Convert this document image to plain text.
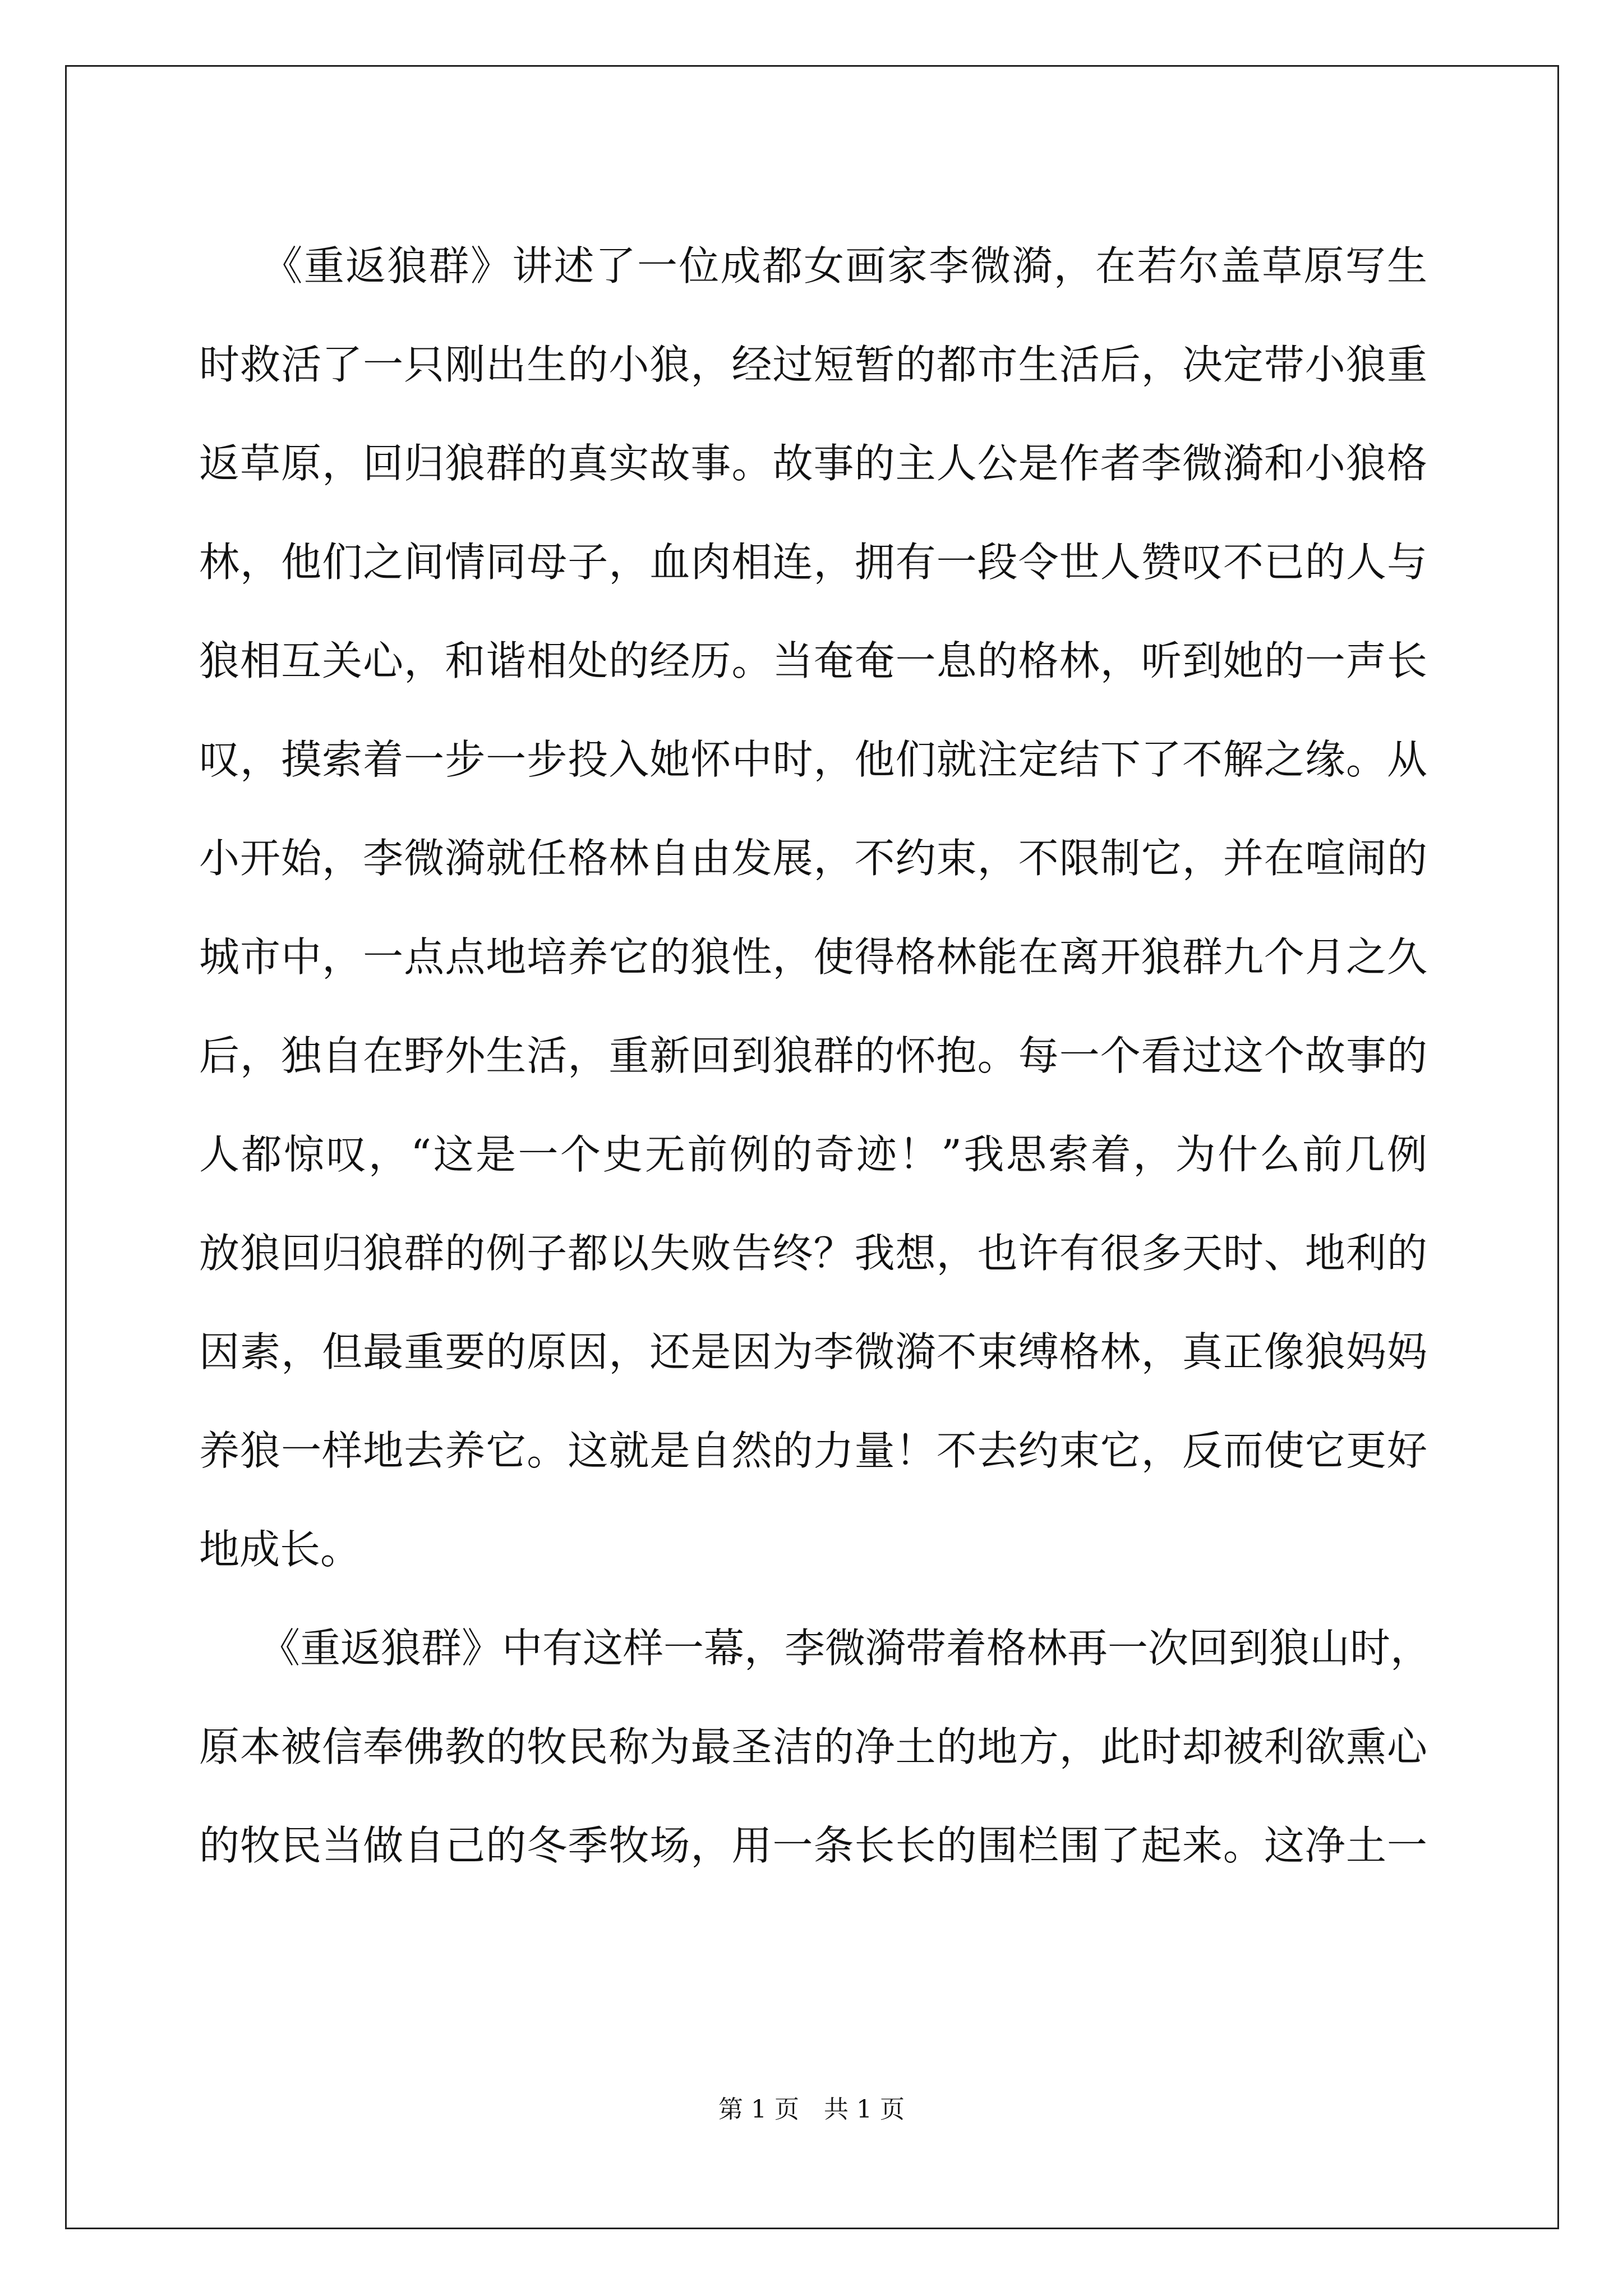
　　《重返狼群》讲述了一位成都女画家李微漪，在若尔盖草原写生
时救活了一只刚出生的小狼，经过短暂的都市生活后，决定带小狼重
返草原，回归狼群的真实故事。故事的主人公是作者李微漪和小狼格
林，他们之间情同母子，血肉相连，拥有一段令世人赞叹不已的人与
狼相互关心，和谐相处的经历。当奄奄一息的格林，听到她的一声长
叹，摸索着一步一步投入她怀中时，他们就注定结下了不解之缘。从
小开始，李微漪就任格林自由发展，不约束，不限制它，并在喧闹的
城市中，一点点地培养它的狼性，使得格林能在离开狼群九个月之久
后，独自在野外生活，重新回到狼群的怀抱。每一个看过这个故事的
人都惊叹，“这是一个史无前例的奇迹！”我思索着，为什么前几例
放狼回归狼群的例子都以失败告终？我想，也许有很多天时、地利的
因素，但最重要的原因，还是因为李微漪不束缚格林，真正像狼妈妈
养狼一样地去养它。这就是自然的力量！不去约束它，反而使它更好
地成长。
　　《重返狼群》中有这样一幕，李微漪带着格林再一次回到狼山时，
原本被信奉佛教的牧民称为最圣洁的净土的地方，此时却被利欲熏心
的牧民当做自己的冬季牧场，用一条长长的围栏围了起来。这净土一
第 1 页　共 1 页
